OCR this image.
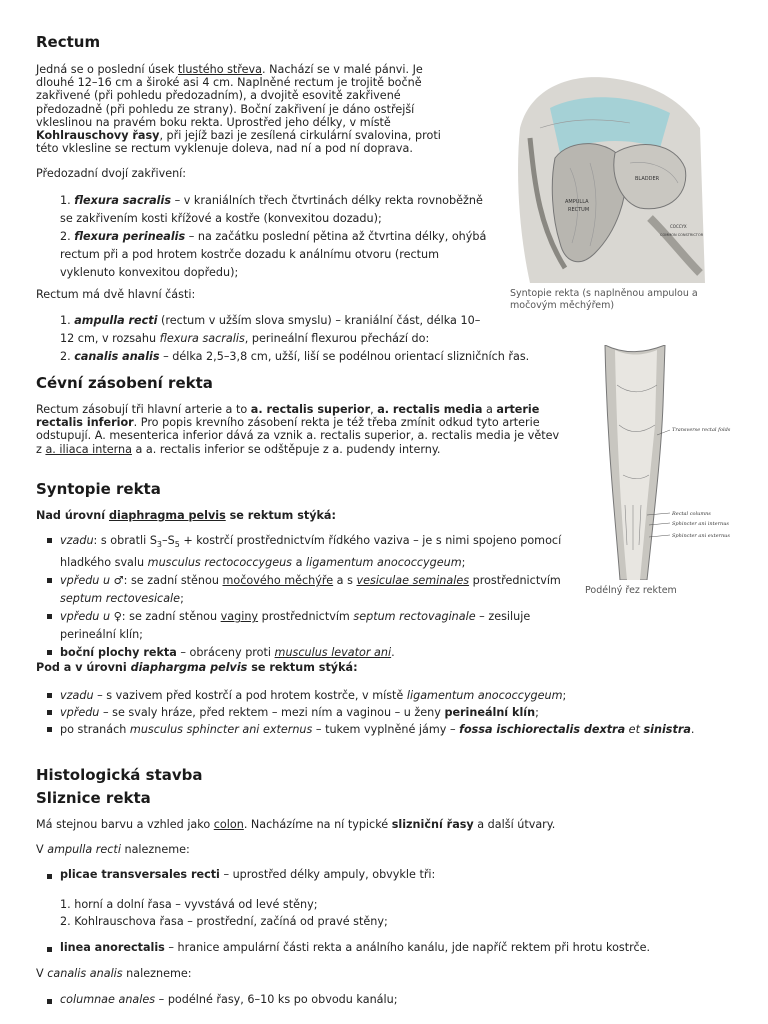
Rectum
Jedná se o poslední úsek tlustého střeva. Nachází se v malé pánvi. Je dlouhé 12–16 cm a široké asi 4 cm. Naplněné rectum je trojitě bočně zakřivené (při pohledu předozadním), a dvojitě esovitě zakřivené předozadně (při pohledu ze strany). Boční zakřivení je dáno ostřejší vkleslinou na pravém boku rekta. Uprostřed jeho délky, v místě Kohlrauschovy řasy, při jejíž bazi je zesílená cirkulární svalovina, proti této vklesline se rectum vyklenuje doleva, nad ní a pod ní doprava.
Předozadní dvojí zakřivení:
1. flexura sacralis – v kraniálních třech čtvrtinách délky rekta rovnoběžně se zakřivením kosti křížové a kostře (konvexitou dozadu);
2. flexura perinealis – na začátku poslední pětina až čtvrtina délky, ohýbá rectum při a pod hrotem kostrče dozadu k análnímu otvoru (rectum vyklenuto konvexitou dopředu);
Rectum má dvě hlavní části:
1. ampulla recti (rectum v užším slova smyslu) – kraniální část, délka 10–12 cm, v rozsahu flexura sacralis, perineální flexurou přechází do:
2. canalis analis – délka 2,5–3,8 cm, užší, liší se podélnou orientací slizničních řas.
Cévní zásobení rekta
Rectum zásobují tři hlavní arterie a to a. rectalis superior, a. rectalis media a arterie rectalis inferior. Pro popis krevního zásobení rekta je též třeba zmínit odkud tyto arterie odstupují. A. mesenterica inferior dává za vznik a. rectalis superior, a. rectalis media je větev z a. iliaca interna a a. rectalis inferior se odštěpuje z a. pudendy interny.
Syntopie rekta
Nad úrovní diaphragma pelvis se rektum stýká:
vzadu: s obratli $S_3-S_5$ + kostrčí prostřednictvím řídkého vaziva – je s nimi spojeno pomocí hladkého svalu musculus rectococcygeus a ligamentum anococcygeum;
vpředu u ♂: se zadní stěnou močového měchýře a s vesiculae seminales prostřednictvím septum rectovesicale;
vpředu u ♀: se zadní stěnou vaginy prostřednictvím septum rectovaginale – zesiluje perineální klín;
boční plochy rekta – obráceny proti musculus levator ani.
Pod a v úrovni diaphargma pelvis se rektum stýká:
vzadu – s vazivem před kostrčí a pod hrotem kostrče, v místě ligamentum anococcygeum;
vpředu – se svaly hráze, před rektem – mezi ním a vaginou – u ženy perineální klín;
po stranách musculus sphincter ani externus – tukem vyplněné jámy – fossa ischiorectalis dextra et sinistra.
Histologická stavba
Sliznice rekta
Má stejnou barvu a vzhled jako colon. Nacházíme na ní typické slizniční řasy a další útvary.
V ampulla recti nalezneme:
plicae transversales recti – uprostřed délky ampuly, obvykle tři:
1. horní a dolní řasa – vyvstává od levé stěny;
2. Kohlrauschova řasa – prostřední, začíná od pravé stěny;
linea anorectalis – hranice ampulární části rekta a análního kanálu, jde napříč rektem při hrotu kostrče.
V canalis analis nalezneme:
columnae anales – podélné řasy, 6–10 ks po obvodu kanálu;
AMPULLA
RECTUM
BLADDER
COCCYX
COMMON CONSTRICTOR
Syntopie rekta (s naplněnou ampulou a močovým měchýřem)
Transverse rectal folds
Rectal columns
Sphincter ani internus
Sphincter ani externus
Podélný řez rektem
